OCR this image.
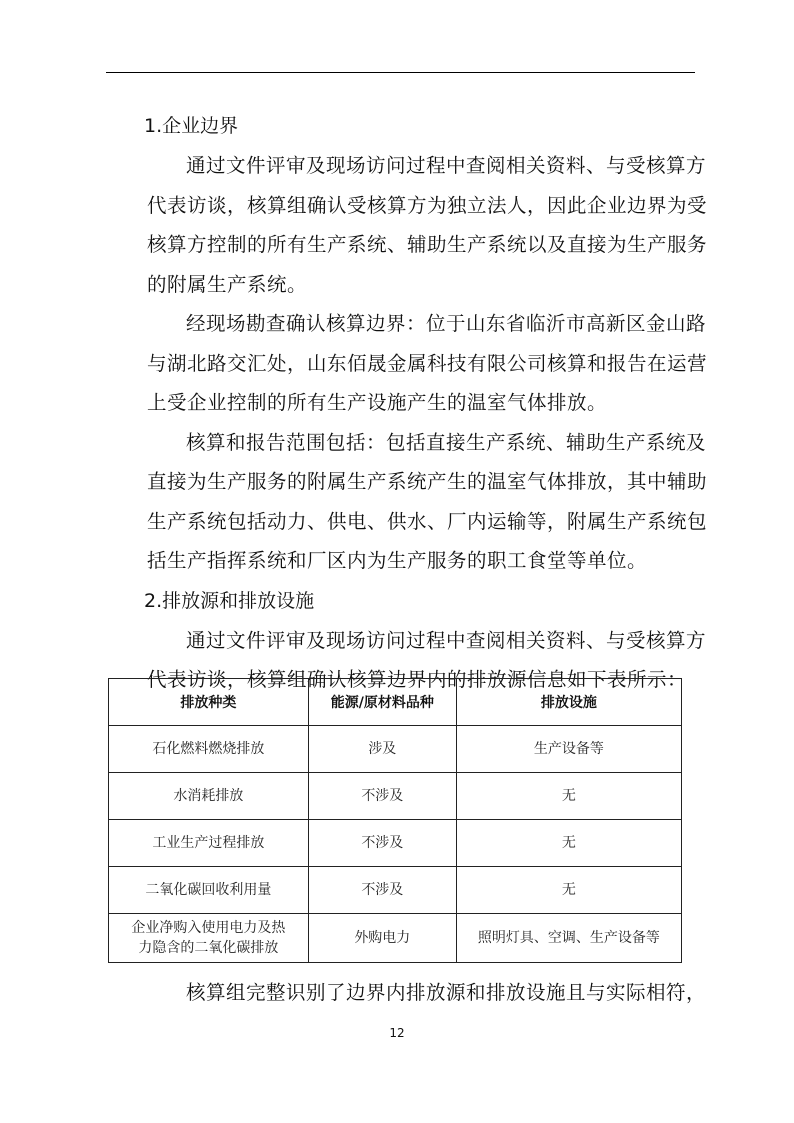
1.企业边界
通过文件评审及现场访问过程中查阅相关资料、与受核算方
代表访谈，核算组确认受核算方为独立法人，因此企业边界为受
核算方控制的所有生产系统、辅助生产系统以及直接为生产服务
的附属生产系统。
经现场勘查确认核算边界：位于山东省临沂市高新区金山路
与湖北路交汇处，山东佰晟金属科技有限公司核算和报告在运营
上受企业控制的所有生产设施产生的温室气体排放。
核算和报告范围包括：包括直接生产系统、辅助生产系统及
直接为生产服务的附属生产系统产生的温室气体排放，其中辅助
生产系统包括动力、供电、供水、厂内运输等，附属生产系统包
括生产指挥系统和厂区内为生产服务的职工食堂等单位。
2.排放源和排放设施
通过文件评审及现场访问过程中查阅相关资料、与受核算方
代表访谈，核算组确认核算边界内的排放源信息如下表所示：
排放种类	能源/原材料品种	排放设施
石化燃料燃烧排放	涉及	生产设备等
水消耗排放	不涉及	无
工业生产过程排放	不涉及	无
二氧化碳回收利用量	不涉及	无

企业净购入使用电力及热
力隐含的二氧化碳排放	外购电力	照明灯具、空调、生产设备等
核算组完整识别了边界内排放源和排放设施且与实际相符，
12
